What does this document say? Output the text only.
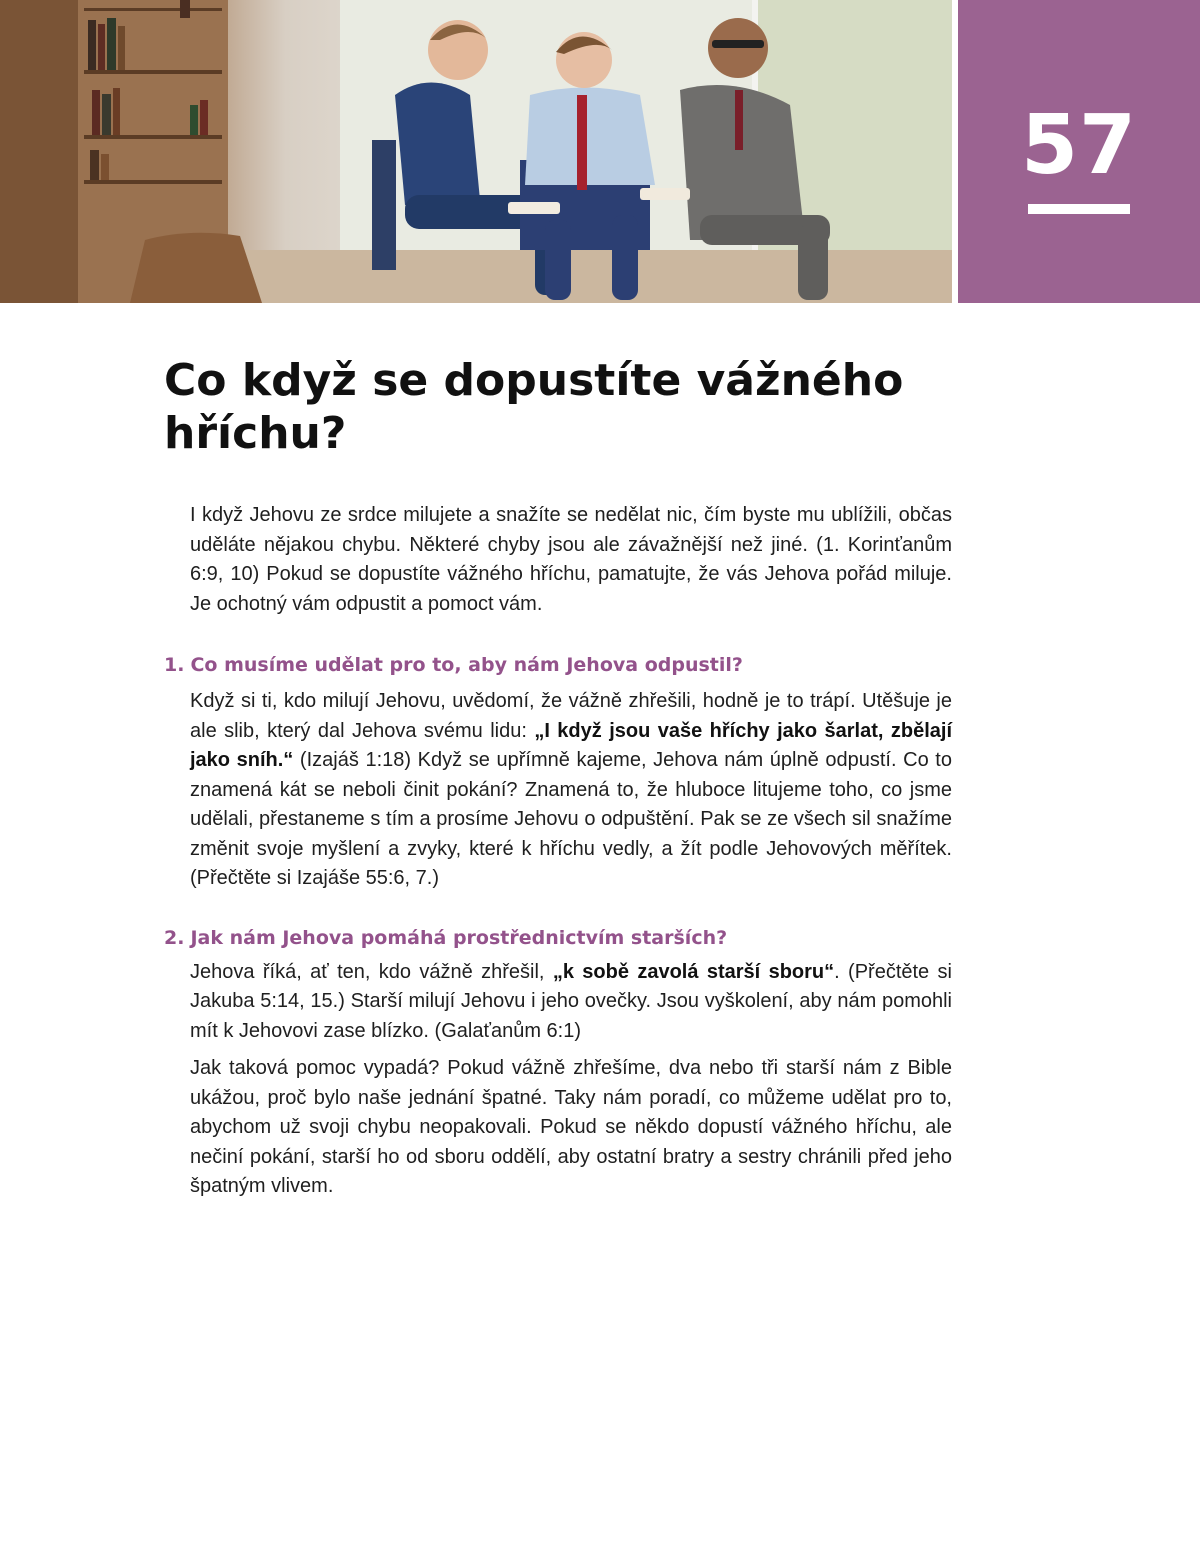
57
Co když se dopustíte vážného hříchu?

I když Jehovu ze srdce milujete a snažíte se nedělat nic, čím byste mu ublížili, občas uděláte nějakou chybu. Některé chyby jsou ale závažnější než jiné. (1. Korinťanům 6:9, 10) Pokud se dopustíte vážného hříchu, pamatujte, že vás Jehova pořád miluje. Je ochotný vám odpustit a pomoct vám.

1. Co musíme udělat pro to, aby nám Jehova odpustil?

Když si ti, kdo milují Jehovu, uvědomí, že vážně zhřešili, hodně je to trápí. Utěšuje je ale slib, který dal Jehova svému lidu: „I když jsou vaše hříchy jako šarlat, zbělají jako sníh.“ (Izajáš 1:18) Když se upřímně kajeme, Jehova nám úplně odpustí. Co to znamená kát se neboli činit pokání? Znamená to, že hluboce litujeme toho, co jsme udělali, přestaneme s tím a prosíme Jehovu o odpuštění. Pak se ze všech sil snažíme změnit svoje myšlení a zvyky, které k hříchu vedly, a žít podle Jehovových měřítek. (Přečtěte si Izajáše 55:6, 7.)

2. Jak nám Jehova pomáhá prostřednictvím starších?

Jehova říká, ať ten, kdo vážně zhřešil, „k sobě zavolá starší sboru“. (Přečtěte si Jakuba 5:14, 15.) Starší milují Jehovu i jeho ovečky. Jsou vyškolení, aby nám pomohli mít k Jehovovi zase blízko. (Galaťanům 6:1)

Jak taková pomoc vypadá? Pokud vážně zhřešíme, dva nebo tři starší nám z Bible ukážou, proč bylo naše jednání špatné. Taky nám poradí, co můžeme udělat pro to, abychom už svoji chybu neopakovali. Pokud se někdo dopustí vážného hříchu, ale nečiní pokání, starší ho od sboru oddělí, aby ostatní bratry a sestry chránili před jeho špatným vlivem.
